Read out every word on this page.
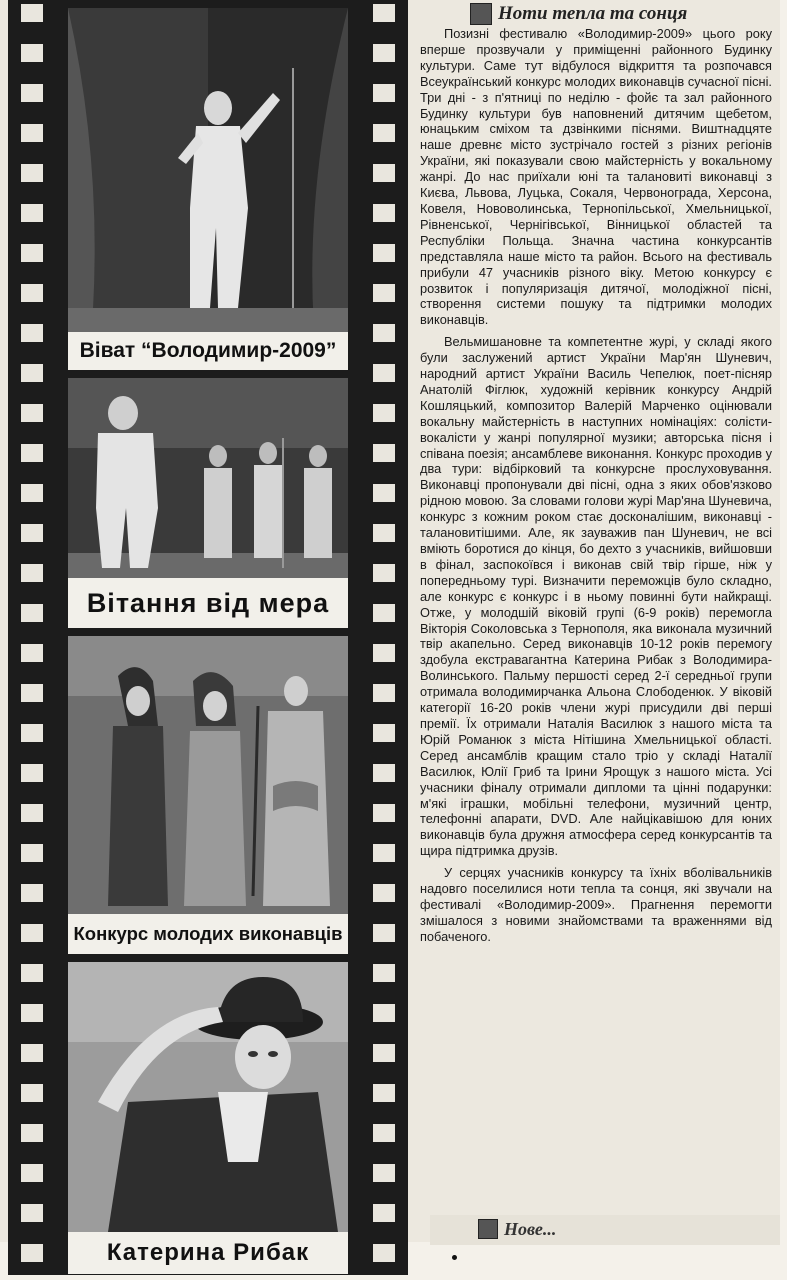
Віват “Володимир-2009”
Вітання від мера
Конкурс молодих виконавців
Катерина Рибак
Ноти тепла та сонця

Позизні фестивалю «Володимир-2009» цього року вперше прозвучали у приміщенні районного Будинку культури. Саме тут відбулося відкриття та розпочався Всеукраїнський конкурс молодих виконавців сучасної пісні. Три дні - з п'ятниці по неділю - фойє та зал районного Будинку культури був наповнений дитячим щебетом, юнацьким сміхом та дзвінкими піснями. Виштнадцяте наше древнє місто зустрічало гостей з різних регіонів України, які показували свою майстерність у вокальному жанрі. До нас приїхали юні та талановиті виконавці з Києва, Львова, Луцька, Сокаля, Червонограда, Херсона, Ковеля, Нововолинська, Тернопільської, Хмельницької, Рівненської, Чернігівської, Вінницької областей та Республіки Польща. Значна частина конкурсантів представляла наше місто та район. Всього на фестиваль прибули 47 учасників різного віку. Метою конкурсу є розвиток і популяризація дитячої, молодіжної пісні, створення системи пошуку та підтримки молодих виконавців.

Вельмишановне та компетентне журі, у складі якого були заслужений артист України Мар'ян Шуневич, народний артист України Василь Чепелюк, поет-пісняр Анатолій Фіглюк, художній керівник конкурсу Андрій Кошляцький, композитор Валерій Марченко оцінювали вокальну майстерність в наступних номінаціях: солісти-вокалісти у жанрі популярної музики; авторська пісня і співана поезія; ансамблеве виконання. Конкурс проходив у два тури: відбірковий та конкурсне прослуховування. Виконавці пропонували дві пісні, одна з яких обов'язково рідною мовою. За словами голови журі Мар'яна Шуневича, конкурс з кожним роком стає досконалішим, виконавці - талановитішими. Але, як зауважив пан Шуневич, не всі вміють боротися до кінця, бо дехто з учасників, вийшовши в фінал, заспокоївся і виконав свій твір гірше, ніж у попередньому турі. Визначити переможців було складно, але конкурс є конкурс і в ньому повинні бути найкращі. Отже, у молодшій віковій групі (6-9 років) перемогла Вікторія Соколовська з Тернополя, яка виконала музичний твір акапельно. Серед виконавців 10-12 років перемогу здобула екстравагантна Катерина Рибак з Володимира-Волинського. Пальму першості серед 2-ї середньої групи отримала володимирчанка Альона Слободенюк. У віковій категорії 16-20 років члени журі присудили дві перші премії. Їх отримали Наталія Василюк з нашого міста та Юрій Романюк з міста Нітішина Хмельницької області. Серед ансамблів кращим стало тріо у складі Наталії Василюк, Юлії Гриб та Ірини Ярощук з нашого міста. Усі учасники фіналу отримали дипломи та цінні подарунки: м'які іграшки, мобільні телефони, музичний центр, телефонні апарати, DVD. Але найцікавішою для юних виконавців була дружня атмосфера серед конкурсантів та щира підтримка друзів.

У серцях учасників конкурсу та їхніх вболівальників надовго поселилися ноти тепла та сонця, які звучали на фестивалі «Володимир-2009». Прагнення перемогти змішалося з новими знайомствами та враженнями від побаченого.

Нове...
